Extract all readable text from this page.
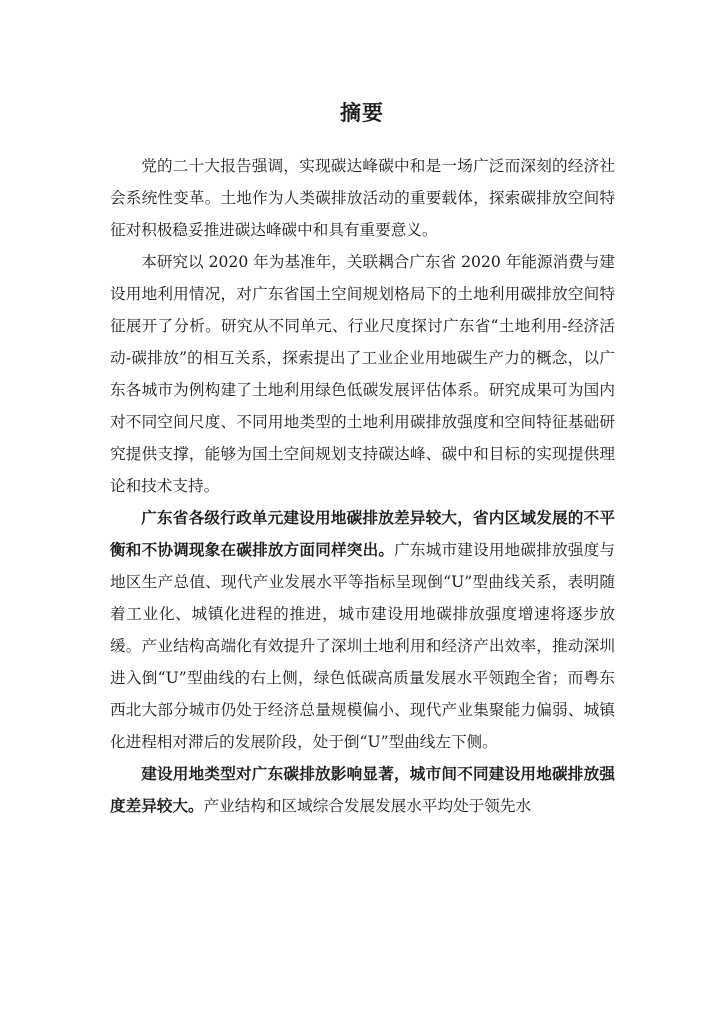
摘要

党的二十大报告强调，实现碳达峰碳中和是一场广泛而深刻的经济社会系统性变革。土地作为人类碳排放活动的重要载体，探索碳排放空间特征对积极稳妥推进碳达峰碳中和具有重要意义。

本研究以 2020 年为基准年，关联耦合广东省 2020 年能源消费与建设用地利用情况，对广东省国土空间规划格局下的土地利用碳排放空间特征展开了分析。研究从不同单元、行业尺度探讨广东省“土地利用-经济活动-碳排放”的相互关系，探索提出了工业企业用地碳生产力的概念，以广东各城市为例构建了土地利用绿色低碳发展评估体系。研究成果可为国内对不同空间尺度、不同用地类型的土地利用碳排放强度和空间特征基础研究提供支撑，能够为国土空间规划支持碳达峰、碳中和目标的实现提供理论和技术支持。

广东省各级行政单元建设用地碳排放差异较大，省内区域发展的不平衡和不协调现象在碳排放方面同样突出。广东城市建设用地碳排放强度与地区生产总值、现代产业发展水平等指标呈现倒“U”型曲线关系，表明随着工业化、城镇化进程的推进，城市建设用地碳排放强度增速将逐步放缓。产业结构高端化有效提升了深圳土地利用和经济产出效率，推动深圳进入倒“U”型曲线的右上侧，绿色低碳高质量发展水平领跑全省；而粤东西北大部分城市仍处于经济总量规模偏小、现代产业集聚能力偏弱、城镇化进程相对滞后的发展阶段，处于倒“U”型曲线左下侧。

建设用地类型对广东碳排放影响显著，城市间不同建设用地碳排放强度差异较大。产业结构和区域综合发展发展水平均处于领先水
